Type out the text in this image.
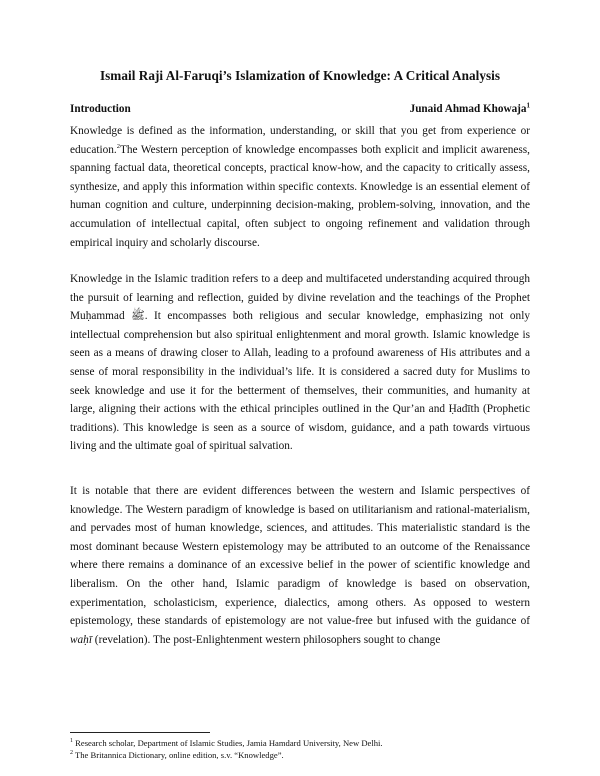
Ismail Raji Al-Faruqi’s Islamization of Knowledge: A Critical Analysis
Introduction	Junaid Ahmad Khowaja$^1$

Knowledge is defined as the information, understanding, or skill that you get from experience or education.$^2$The Western perception of knowledge encompasses both explicit and implicit awareness, spanning factual data, theoretical concepts, practical know-how, and the capacity to critically assess, synthesize, and apply this information within specific contexts. Knowledge is an essential element of human cognition and culture, underpinning decision-making, problem-solving, innovation, and the accumulation of intellectual capital, often subject to ongoing refinement and validation through empirical inquiry and scholarly discourse.

Knowledge in the Islamic tradition refers to a deep and multifaceted understanding acquired through the pursuit of learning and reflection, guided by divine revelation and the teachings of the Prophet Muḥammad ﷺ. It encompasses both religious and secular knowledge, emphasizing not only intellectual comprehension but also spiritual enlightenment and moral growth. Islamic knowledge is seen as a means of drawing closer to Allah, leading to a profound awareness of His attributes and a sense of moral responsibility in the individual’s life. It is considered a sacred duty for Muslims to seek knowledge and use it for the betterment of themselves, their communities, and humanity at large, aligning their actions with the ethical principles outlined in the Qur’an and Ḥadīth (Prophetic traditions). This knowledge is seen as a source of wisdom, guidance, and a path towards virtuous living and the ultimate goal of spiritual salvation.

It is notable that there are evident differences between the western and Islamic perspectives of knowledge. The Western paradigm of knowledge is based on utilitarianism and rational-materialism, and pervades most of human knowledge, sciences, and attitudes. This materialistic standard is the most dominant because Western epistemology may be attributed to an outcome of the Renaissance where there remains a dominance of an excessive belief in the power of scientific knowledge and liberalism. On the other hand, Islamic paradigm of knowledge is based on observation, experimentation, scholasticism, experience, dialectics, among others. As opposed to western epistemology, these standards of epistemology are not value-free but infused with the guidance of waḥī (revelation). The post-Enlightenment western philosophers sought to change

$^1$ Research scholar, Department of Islamic Studies, Jamia Hamdard University, New Delhi.
$^2$ The Britannica Dictionary, online edition, s.v. “Knowledge”.
